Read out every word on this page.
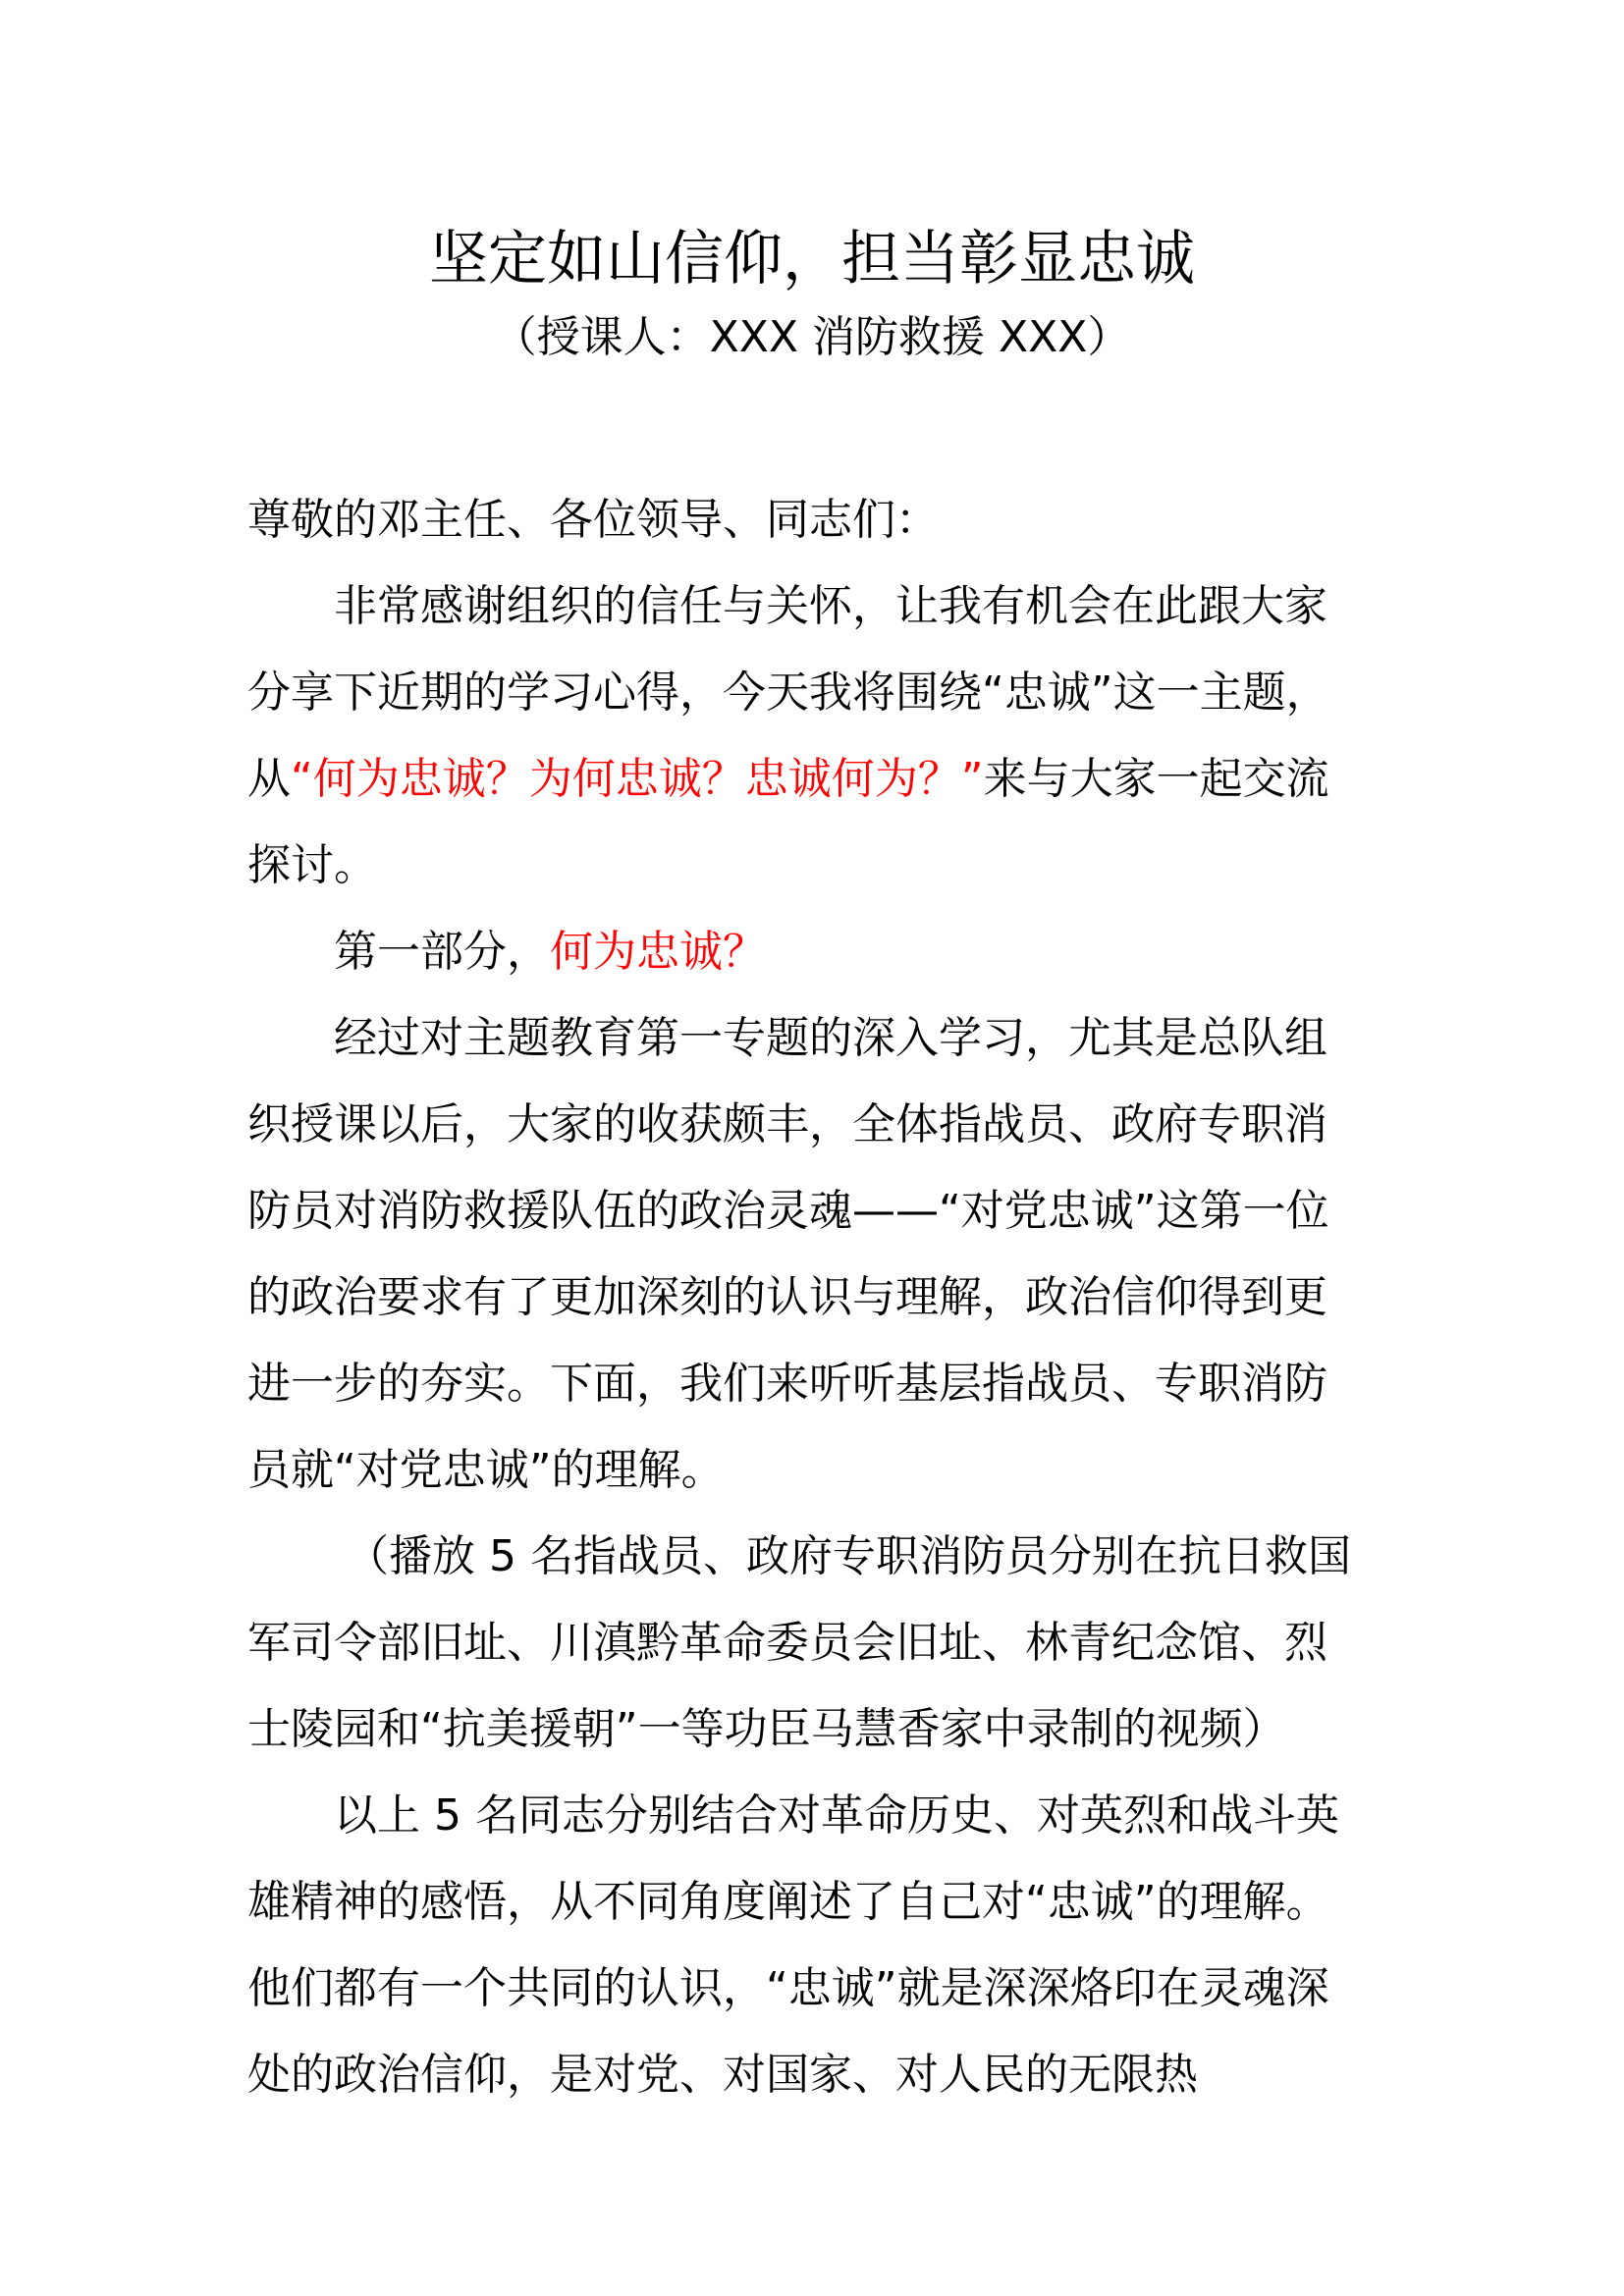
坚定如山信仰，担当彰显忠诚
（授课人：XXX 消防救援 XXX）

尊敬的邓主任、各位领导、同志们：

非常感谢组织的信任与关怀，让我有机会在此跟大家分享下近期的学习心得，今天我将围绕“忠诚”这一主题，从“何为忠诚？为何忠诚？忠诚何为？”来与大家一起交流探讨。

第一部分，何为忠诚？

经过对主题教育第一专题的深入学习，尤其是总队组织授课以后，大家的收获颇丰，全体指战员、政府专职消防员对消防救援队伍的政治灵魂——“对党忠诚”这第一位的政治要求有了更加深刻的认识与理解，政治信仰得到更进一步的夯实。下面，我们来听听基层指战员、专职消防员就“对党忠诚”的理解。

（播放 5 名指战员、政府专职消防员分别在抗日救国军司令部旧址、川滇黔革命委员会旧址、林青纪念馆、烈士陵园和“抗美援朝”一等功臣马慧香家中录制的视频）

以上 5 名同志分别结合对革命历史、对英烈和战斗英雄精神的感悟，从不同角度阐述了自己对“忠诚”的理解。他们都有一个共同的认识，“忠诚”就是深深烙印在灵魂深处的政治信仰，是对党、对国家、对人民的无限热
